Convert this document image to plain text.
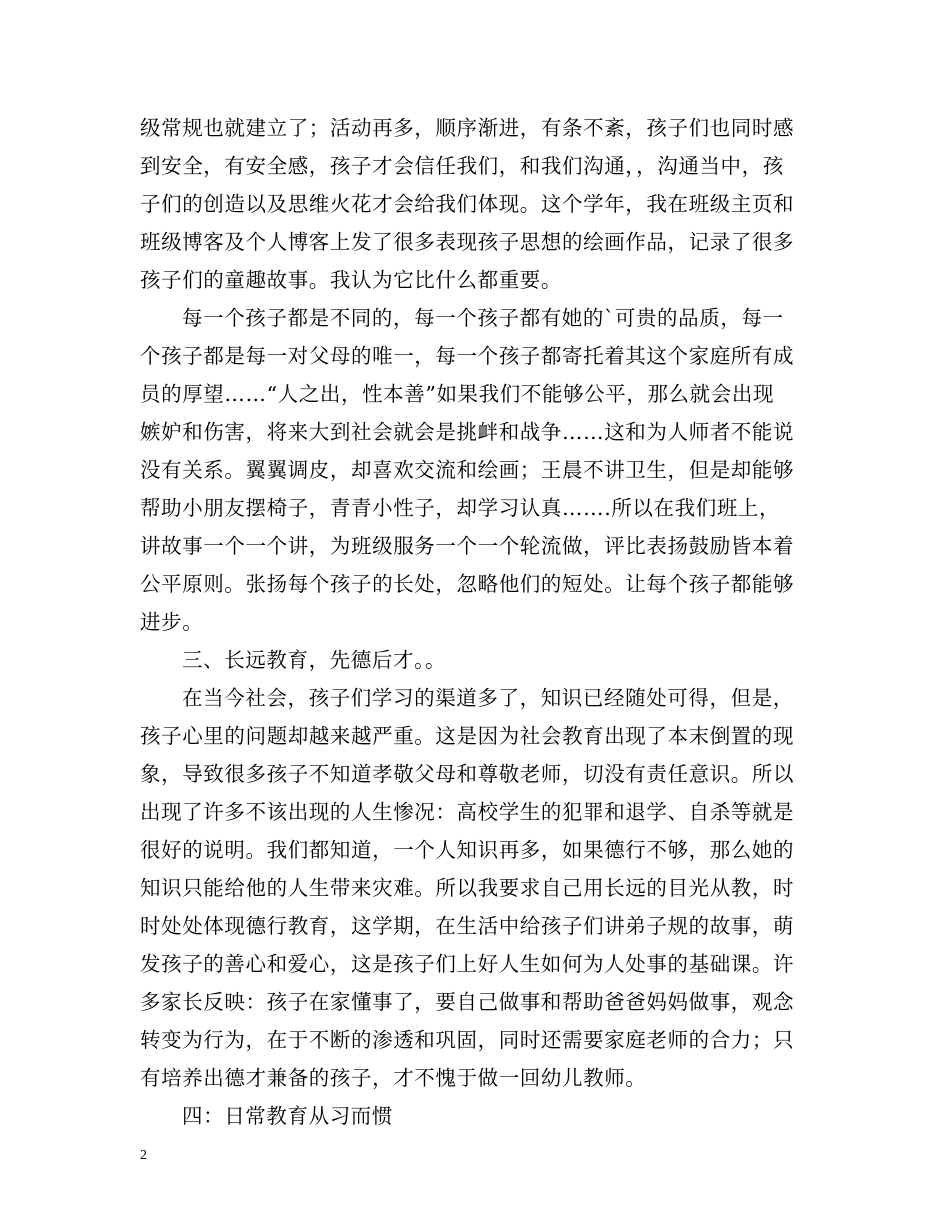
级常规也就建立了；活动再多，顺序渐进，有条不紊，孩子们也同时感
到安全，有安全感，孩子才会信任我们，和我们沟通，，沟通当中，孩
子们的创造以及思维火花才会给我们体现。这个学年，我在班级主页和
班级博客及个人博客上发了很多表现孩子思想的绘画作品，记录了很多
孩子们的童趣故事。我认为它比什么都重要。
每一个孩子都是不同的，每一个孩子都有她的`可贵的品质，每一
个孩子都是每一对父母的唯一，每一个孩子都寄托着其这个家庭所有成
员的厚望……“人之出，性本善”如果我们不能够公平，那么就会出现
嫉妒和伤害，将来大到社会就会是挑衅和战争……这和为人师者不能说
没有关系。翼翼调皮，却喜欢交流和绘画；王晨不讲卫生，但是却能够
帮助小朋友摆椅子，青青小性子，却学习认真…….所以在我们班上，
讲故事一个一个讲，为班级服务一个一个轮流做，评比表扬鼓励皆本着
公平原则。张扬每个孩子的长处，忽略他们的短处。让每个孩子都能够
进步。
三、长远教育，先德后才。。
在当今社会，孩子们学习的渠道多了，知识已经随处可得，但是，
孩子心里的问题却越来越严重。这是因为社会教育出现了本末倒置的现
象，导致很多孩子不知道孝敬父母和尊敬老师，切没有责任意识。所以
出现了许多不该出现的人生惨况：高校学生的犯罪和退学、自杀等就是
很好的说明。我们都知道，一个人知识再多，如果德行不够，那么她的
知识只能给他的人生带来灾难。所以我要求自己用长远的目光从教，时
时处处体现德行教育，这学期，在生活中给孩子们讲弟子规的故事，萌
发孩子的善心和爱心，这是孩子们上好人生如何为人处事的基础课。许
多家长反映：孩子在家懂事了，要自己做事和帮助爸爸妈妈做事，观念
转变为行为，在于不断的渗透和巩固，同时还需要家庭老师的合力；只
有培养出德才兼备的孩子，才不愧于做一回幼儿教师。
四：日常教育从习而惯
2
